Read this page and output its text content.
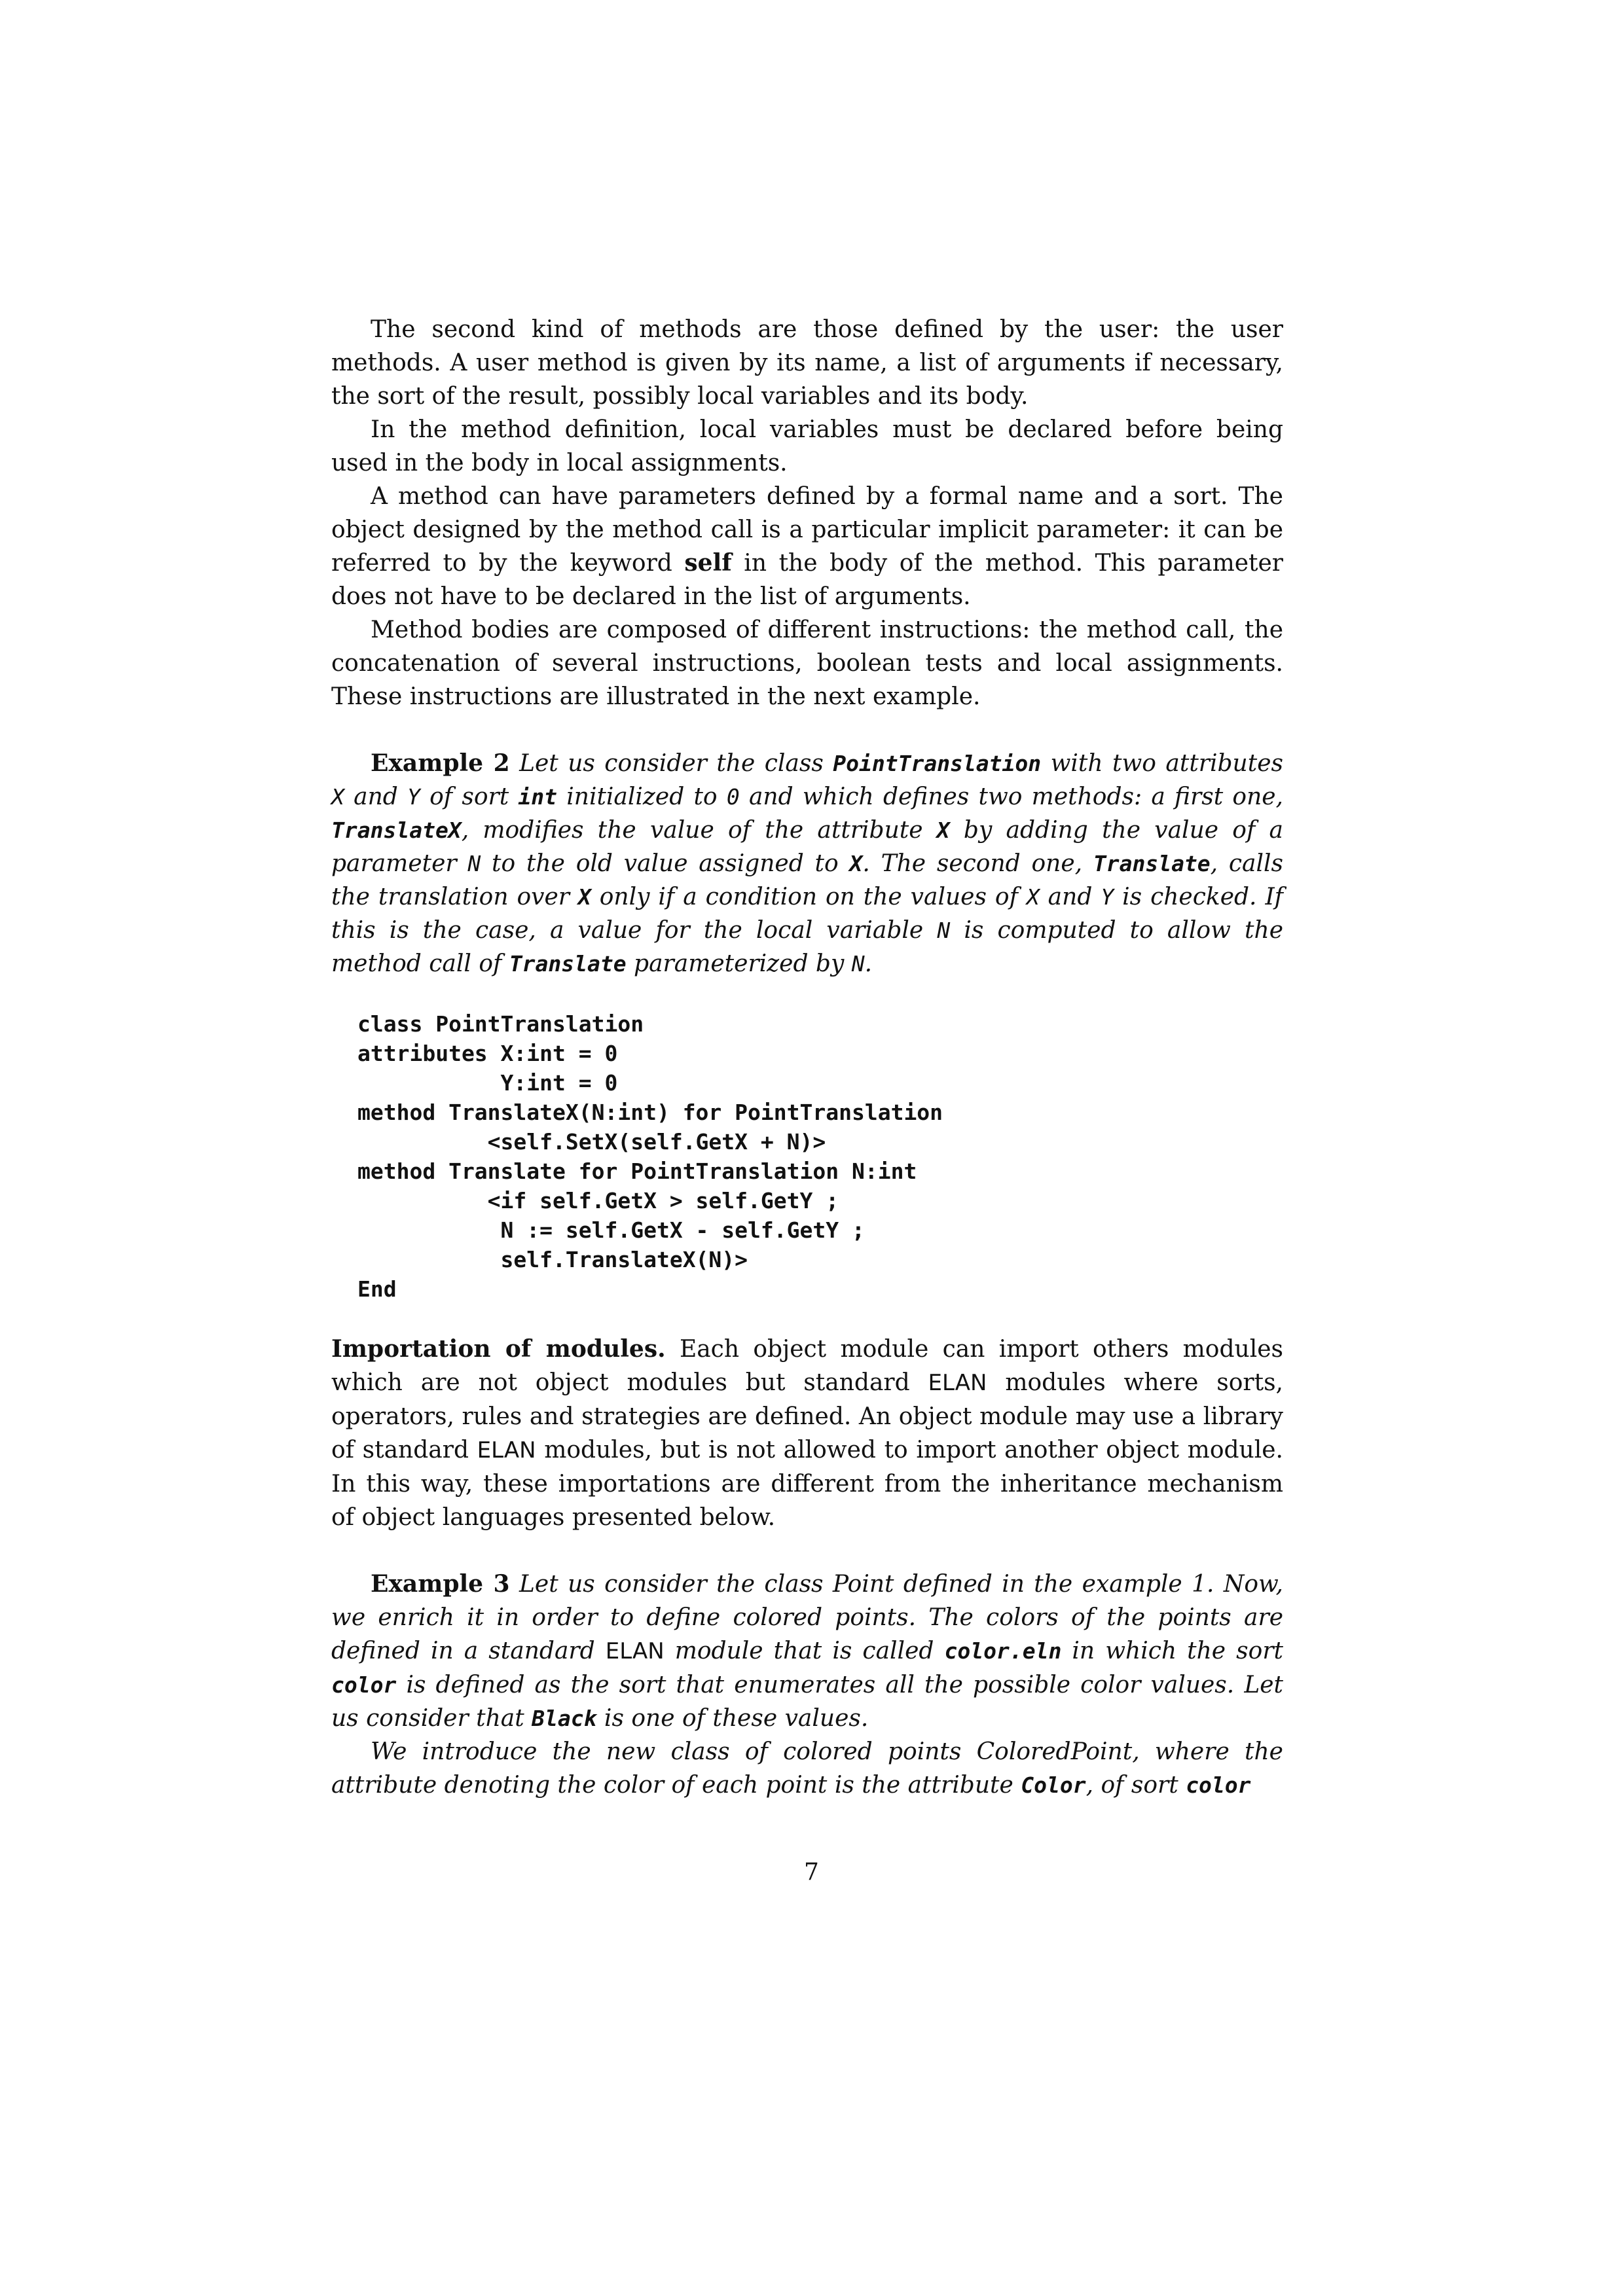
The second kind of methods are those defined by the user: the user methods. A user method is given by its name, a list of arguments if necessary, the sort of the result, possibly local variables and its body.

In the method definition, local variables must be declared before being used in the body in local assignments.

A method can have parameters defined by a formal name and a sort. The object designed by the method call is a particular implicit parameter: it can be referred to by the keyword self in the body of the method. This parameter does not have to be declared in the list of arguments.

Method bodies are composed of different instructions: the method call, the concatenation of several instructions, boolean tests and local assignments. These instructions are illustrated in the next example.

Example 2 Let us consider the class PointTranslation with two attributes X and Y of sort int initialized to 0 and which defines two methods: a first one, TranslateX, modifies the value of the attribute X by adding the value of a parameter N to the old value assigned to X. The second one, Translate, calls the translation over X only if a condition on the values of X and Y is checked. If this is the case, a value for the local variable N is computed to allow the method call of Translate parameterized by N.

class PointTranslation
attributes X:int = 0
Y:int = 0
method TranslateX(N:int) for PointTranslation
<self.SetX(self.GetX + N)>
method Translate for PointTranslation N:int
<if self.GetX > self.GetY ;
N := self.GetX - self.GetY ;
self.TranslateX(N)>
End

Importation of modules. Each object module can import others modules which are not object modules but standard ELAN modules where sorts, operators, rules and strategies are defined. An object module may use a library of standard ELAN modules, but is not allowed to import another object module. In this way, these importations are different from the inheritance mechanism of object languages presented below.

Example 3 Let us consider the class Point defined in the example 1. Now, we enrich it in order to define colored points. The colors of the points are defined in a standard ELAN module that is called color.eln in which the sort color is defined as the sort that enumerates all the possible color values. Let us consider that Black is one of these values.

We introduce the new class of colored points ColoredPoint, where the attribute denoting the color of each point is the attribute Color, of sort color

7
